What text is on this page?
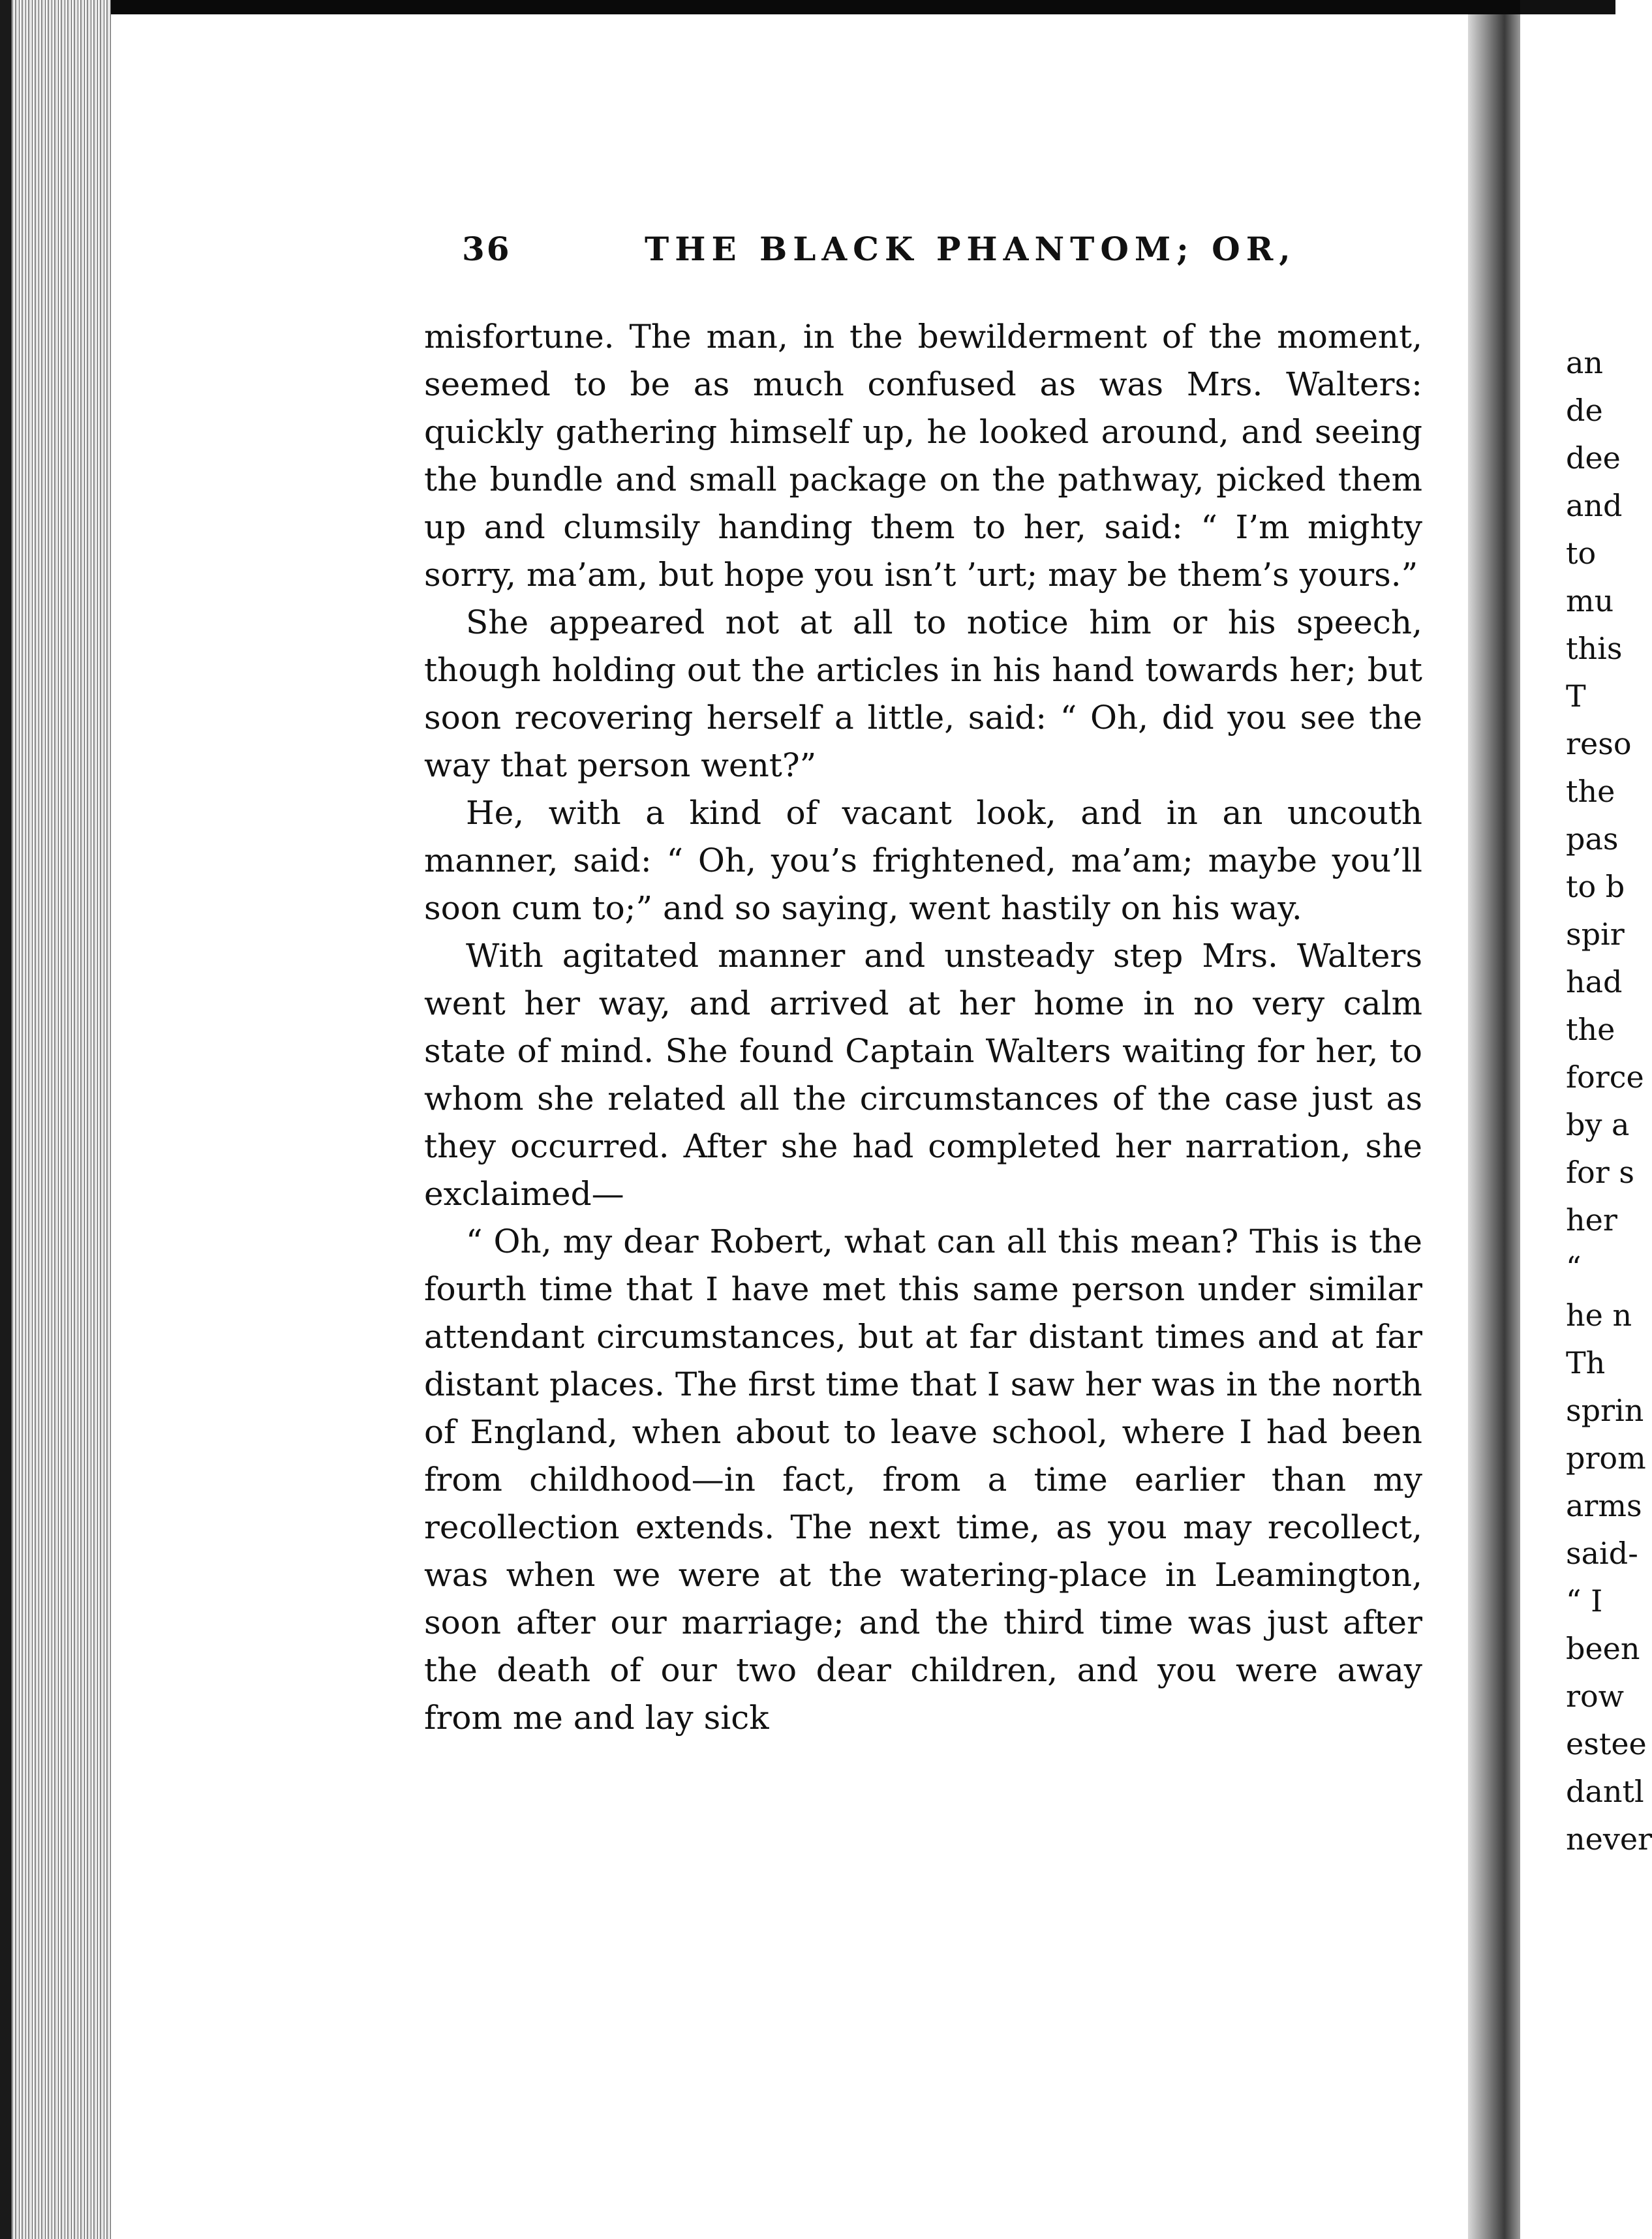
36	THE BLACK PHANTOM; OR,

misfortune. The man, in the bewilderment of the moment, seemed to be as much confused as was Mrs. Walters: quickly gathering himself up, he looked around, and seeing the bundle and small package on the pathway, picked them up and clumsily handing them to her, said: “ I’m mighty sorry, ma’am, but hope you isn’t ’urt; may be them’s yours.”

She appeared not at all to notice him or his speech, though holding out the articles in his hand towards her; but soon recovering herself a little, said: “ Oh, did you see the way that person went?”

He, with a kind of vacant look, and in an uncouth manner, said: “ Oh, you’s frightened, ma’am; maybe you’ll soon cum to;” and so saying, went hastily on his way.

With agitated manner and unsteady step Mrs. Walters went her way, and arrived at her home in no very calm state of mind. She found Captain Walters waiting for her, to whom she related all the circumstances of the case just as they occurred. After she had completed her narration, she exclaimed—

“ Oh, my dear Robert, what can all this mean? This is the fourth time that I have met this same person under similar attendant circumstances, but at far distant times and at far distant places. The first time that I saw her was in the north of England, when about to leave school, where I had been from childhood—in fact, from a time earlier than my recollection extends. The next time, as you may recollect, was when we were at the watering-place in Leamington, soon after our marriage; and the third time was just after the death of our two dear children, and you were away from me and lay sick

an
de
dee
and
to
mu
this
T
reso
the
pas
to b
spir
had
the
force
by a
for s
her
“
he n
Th
sprin
prom
arms
said-
“ I
been
row
estee
dantl
never
